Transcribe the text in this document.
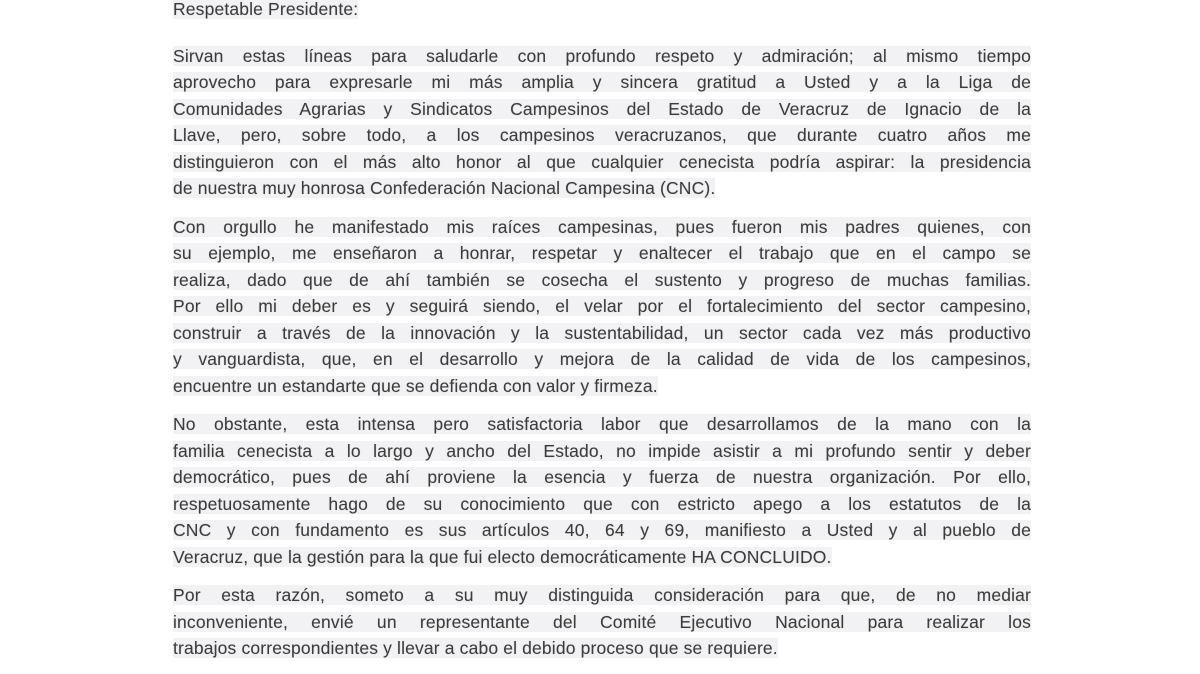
Respetable Presidente:
Sirvan estas líneas para saludarle con profundo respeto y admiración; al mismo tiempo
aprovecho para expresarle mi más amplia y sincera gratitud a Usted y a la Liga de
Comunidades Agrarias y Sindicatos Campesinos del Estado de Veracruz de Ignacio de la
Llave, pero, sobre todo, a los campesinos veracruzanos, que durante cuatro años me
distinguieron con el más alto honor al que cualquier cenecista podría aspirar: la presidencia
de nuestra muy honrosa Confederación Nacional Campesina (CNC).
Con orgullo he manifestado mis raíces campesinas, pues fueron mis padres quienes, con
su ejemplo, me enseñaron a honrar, respetar y enaltecer el trabajo que en el campo se
realiza, dado que de ahí también se cosecha el sustento y progreso de muchas familias.
Por ello mi deber es y seguirá siendo, el velar por el fortalecimiento del sector campesino,
construir a través de la innovación y la sustentabilidad, un sector cada vez más productivo
y vanguardista, que, en el desarrollo y mejora de la calidad de vida de los campesinos,
encuentre un estandarte que se defienda con valor y firmeza.
No obstante, esta intensa pero satisfactoria labor que desarrollamos de la mano con la
familia cenecista a lo largo y ancho del Estado, no impide asistir a mi profundo sentir y deber
democrático, pues de ahí proviene la esencia y fuerza de nuestra organización. Por ello,
respetuosamente hago de su conocimiento que con estricto apego a los estatutos de la
CNC y con fundamento es sus artículos 40, 64 y 69, manifiesto a Usted y al pueblo de
Veracruz, que la gestión para la que fui electo democráticamente HA CONCLUIDO.
Por esta razón, someto a su muy distinguida consideración para que, de no mediar
inconveniente, envié un representante del Comité Ejecutivo Nacional para realizar los
trabajos correspondientes y llevar a cabo el debido proceso que se requiere.
